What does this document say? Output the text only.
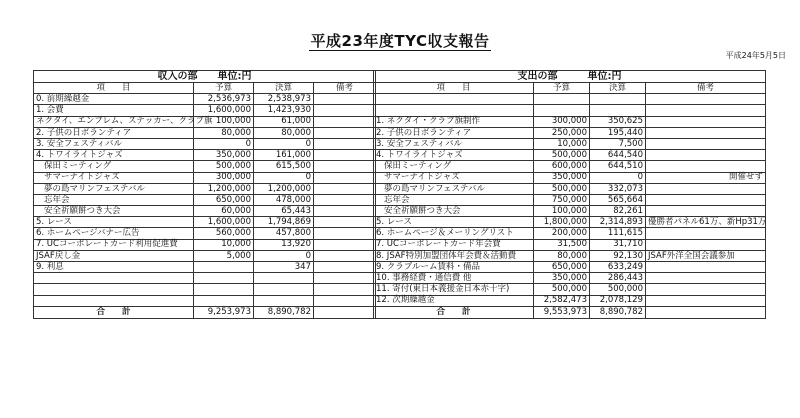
平成23年度TYC収支報告
平成24年5月5日
収入の部　　単位:円			
項　　目	予算	決算	備考
0. 前期繰越金	2,536,973	2,538,973	
1. 会費	1,600,000	1,423,930	
ネクタイ、エンブレム、ステッカー、クラブ旗	100,000	61,000	
2. 子供の日ボランティア	80,000	80,000	
3. 安全フェスティバル	0	0	
4. トワイライトジャズ	350,000	161,000	
保田ミーティング	500,000	615,500	
サマーナイトジャズ	300,000	0	
夢の島マリンフェステバル	1,200,000	1,200,000	
忘年会	650,000	478,000	
安全祈願餅つき大会	60,000	65,443	
5. レース	1,600,000	1,794,869	
6. ホームページバナー広告	560,000	457,800	
7. UCコーポレートカード利用促進費	10,000	13,920	
JSAF戻し金	5,000	0	
9. 利息		347	

合　　計	9,253,973	8,890,782	
支出の部　　　単位:円			
項　　目	予算	決算	備考

1. ネクタイ・クラブ旗制作	300,000	350,625	
2. 子供の日ボランティア	250,000	195,440	
3. 安全フェスティバル	10,000	7,500	
4. トワイライトジャズ	500,000	644,540	
保田ミーティング	600,000	644,510	
サマーナイトジャズ	350,000	0	開催せず
夢の島マリンフェステバル	500,000	332,073	
忘年会	750,000	565,664	
安全祈願餅つき大会	100,000	82,261	
5. レース	1,800,000	2,314,893	優勝者パネル61万、新Hp31万
6. ホームページ＆メーリングリスト	200,000	111,615	
7. UCコーポレートカード年会費	31,500	31,710	
8. JSAF特別加盟団体年会費＆活動費	80,000	92,130	JSAF外洋全国会議参加
9. クラブルーム賃料・備品	650,000	633,249	
10. 事務経費・通信費 他	350,000	286,443	
11. 寄付(東日本義援金日本赤十字)	500,000	500,000	
12. 次期繰越金	2,582,473	2,078,129	
合　　計	9,553,973	8,890,782	
